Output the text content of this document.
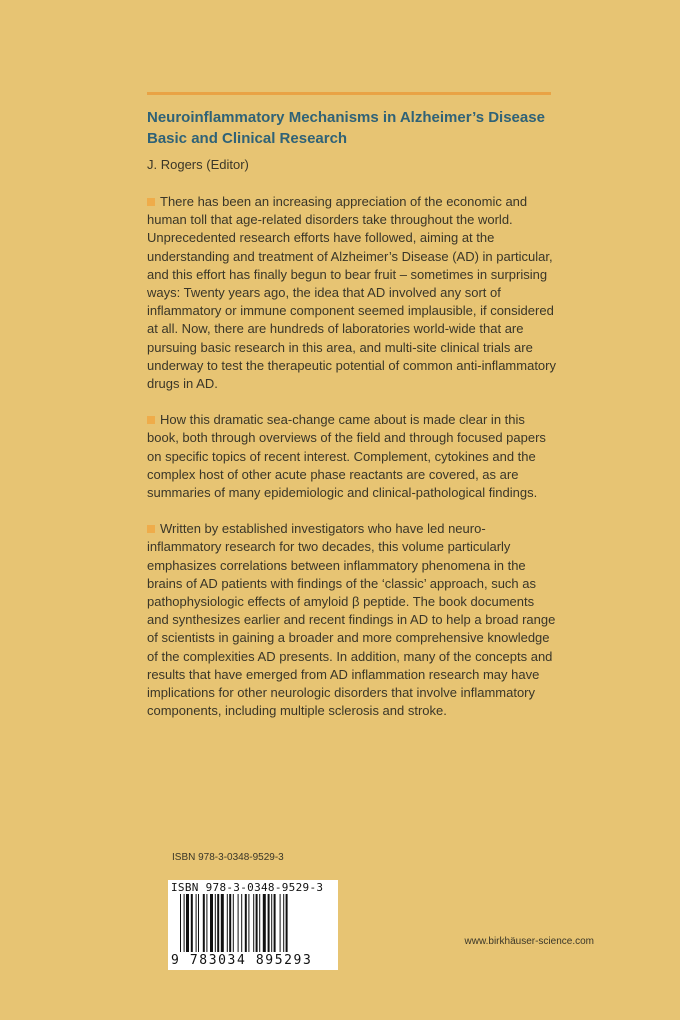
Neuroinflammatory Mechanisms in Alzheimer’s Disease
Basic and Clinical Research
J. Rogers (Editor)

There has been an increasing appreciation of the economic and human toll that age-related disorders take throughout the world. Unprecedented research efforts have followed, aiming at the understanding and treatment of Alzheimer’s Disease (AD) in particular, and this effort has finally begun to bear fruit – sometimes in surprising ways: Twenty years ago, the idea that AD involved any sort of inflammatory or immune component seemed implausible, if considered at all. Now, there are hundreds of laboratories world-wide that are pursuing basic research in this area, and multi-site clinical trials are underway to test the therapeutic potential of common anti-inflammatory drugs in AD.

How this dramatic sea-change came about is made clear in this book, both through overviews of the field and through focused papers on specific topics of recent interest. Complement, cytokines and the complex host of other acute phase reactants are covered, as are summaries of many epidemiologic and clinical-pathological findings.

Written by established investigators who have led neuro-inflammatory research for two decades, this volume particularly emphasizes correlations between inflammatory phenomena in the brains of AD patients with findings of the ‘classic’ approach, such as pathophysiologic effects of amyloid β peptide. The book documents and synthesizes earlier and recent findings in AD to help a broad range of scientists in gaining a broader and more comprehensive knowledge of the complexities AD presents. In addition, many of the concepts and results that have emerged from AD inflammation research may have implications for other neurologic disorders that involve inflammatory components, including multiple sclerosis and stroke.

ISBN 978-3-0348-9529-3
ISBN 978-3-0348-9529-3
9 783034 895293
www.birkhäuser-science.com
